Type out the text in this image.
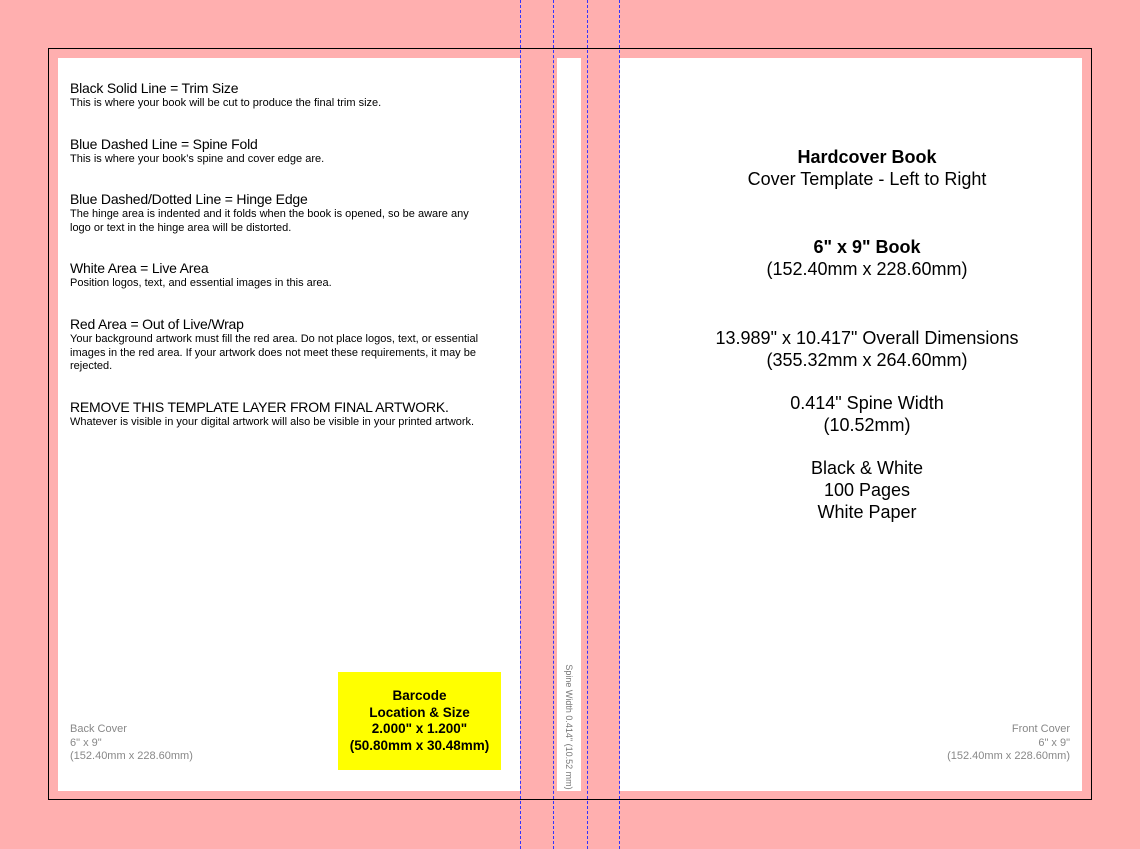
Black Solid Line = Trim Size
This is where your book will be cut to produce the final trim size.
Blue Dashed Line = Spine Fold
This is where your book’s spine and cover edge are.
Blue Dashed/Dotted Line = Hinge Edge
The hinge area is indented and it folds when the book is opened, so be aware any logo or text in the hinge area will be distorted.
White Area = Live Area
Position logos, text, and essential images in this area.
Red Area = Out of Live/Wrap
Your background artwork must fill the red area. Do not place logos, text, or essential images in the red area. If your artwork does not meet these requirements, it may be rejected.
REMOVE THIS TEMPLATE LAYER FROM FINAL ARTWORK.
Whatever is visible in your digital artwork will also be visible in your printed artwork.
Barcode
Location & Size
2.000" x 1.200"
(50.80mm x 30.48mm)
Back Cover
6" x 9"
(152.40mm x 228.60mm)	Spine Width 0.414" (10.52 mm)
Hardcover Book
Cover Template - Left to Right
6" x 9" Book
(152.40mm x 228.60mm)
13.989" x 10.417" Overall Dimensions
(355.32mm x 264.60mm)
0.414" Spine Width
(10.52mm)
Black & White
100 Pages
White Paper
Front Cover
6" x 9"
(152.40mm x 228.60mm)
